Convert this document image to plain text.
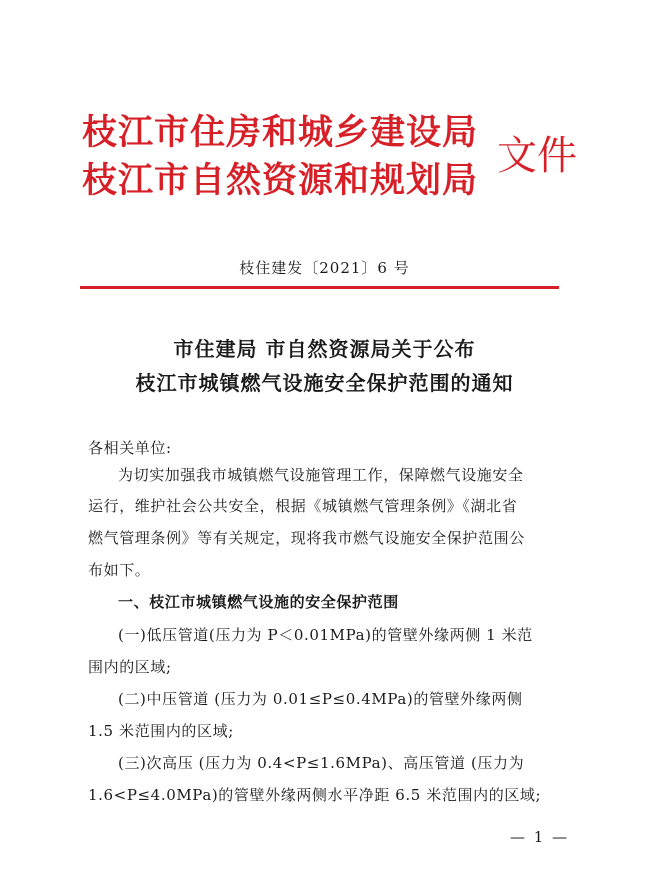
枝江市住房和城乡建设局
枝江市自然资源和规划局
文件
枝住建发〔2021〕6 号
市住建局 市自然资源局关于公布
枝江市城镇燃气设施安全保护范围的通知
各相关单位:
为切实加强我市城镇燃气设施管理工作，保障燃气设施安全
运行，维护社会公共安全，根据《城镇燃气管理条例》《湖北省
燃气管理条例》等有关规定，现将我市燃气设施安全保护范围公
布如下。
一、枝江市城镇燃气设施的安全保护范围
(一)低压管道(压力为 P＜0.01MPa)的管壁外缘两侧 1 米范
围内的区域;
(二)中压管道 (压力为 0.01≤P≤0.4MPa)的管壁外缘两侧
1.5 米范围内的区域;
(三)次高压 (压力为 0.4<P≤1.6MPa)、高压管道 (压力为
1.6<P≤4.0MPa)的管壁外缘两侧水平净距 6.5 米范围内的区域;
— 1 —
